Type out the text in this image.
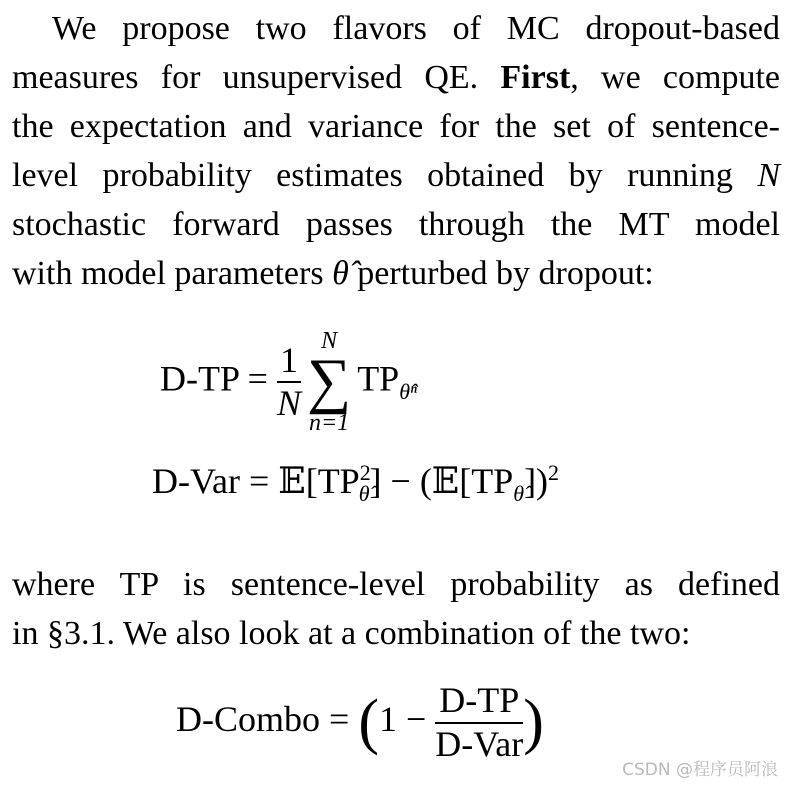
We propose two flavors of MC dropout-based
measures for unsupervised QE. First, we compute
the expectation and variance for the set of sentence-
level probability estimates obtained by running N
stochastic forward passes through the MT model
with model parameters θ̂ perturbed by dropout:
$D-TP = \frac{1}{N}$
N
∑
n=1
$TP_{\thetâ^n}$
$D-Var = 𝔼[TP^2_{\thetâ}]$ − $(𝔼[TP_{\thetâ}])^2$
where TP is sentence-level probability as defined
in §3.1. We also look at a combination of the two:
D-Combo = ($1 - \frac{D-TP}{\text{D-Var}}$ )
CSDN @程序员阿浪
